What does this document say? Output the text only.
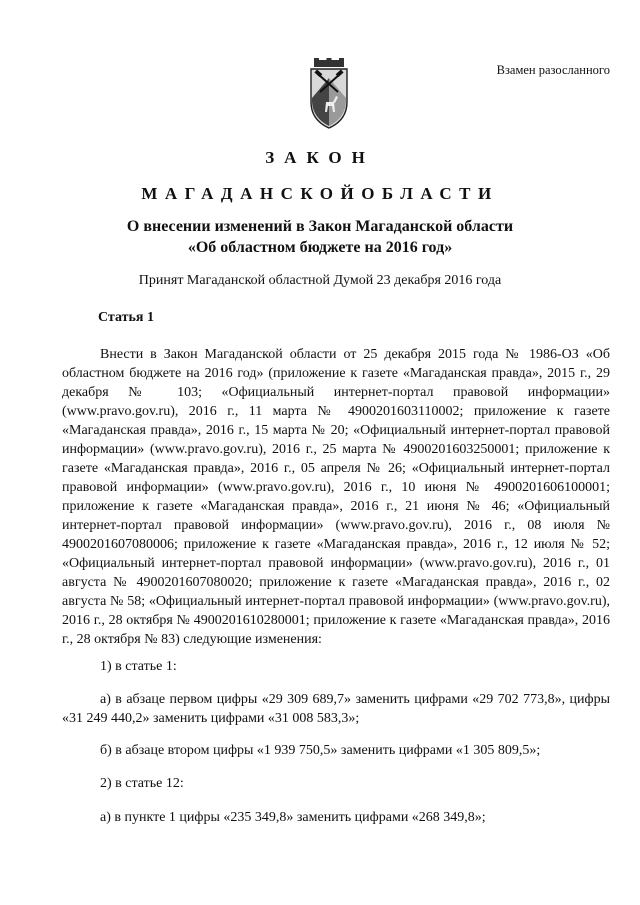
Взамен разосланного
ЗАКОН
МАГАДАНСКОЙОБЛАСТИ
О внесении изменений в Закон Магаданской области
«Об областном бюджете на 2016 год»
Принят Магаданской областной Думой 23 декабря 2016 года
Статья 1

Внести в Закон Магаданской области от 25 декабря 2015 года № 1986-ОЗ «Об областном бюджете на 2016 год» (приложение к газете «Магаданская правда», 2015 г., 29 декабря № 103; «Официальный интернет-портал правовой информации» (www.pravo.gov.ru), 2016 г., 11 марта № 4900201603110002; приложение к газете «Магаданская правда», 2016 г., 15 марта № 20; «Официальный интернет-портал правовой информации» (www.pravo.gov.ru), 2016 г., 25 марта № 4900201603250001; приложение к газете «Магаданская правда», 2016 г., 05 апреля № 26; «Официальный интернет-портал правовой информации» (www.pravo.gov.ru), 2016 г., 10 июня № 4900201606100001; приложение к газете «Магаданская правда», 2016 г., 21 июня № 46; «Официальный интернет-портал правовой информации» (www.pravo.gov.ru), 2016 г., 08 июля № 4900201607080006; приложение к газете «Магаданская правда», 2016 г., 12 июля № 52; «Официальный интернет-портал правовой информации» (www.pravo.gov.ru), 2016 г., 01 августа № 4900201607080020; приложение к газете «Магаданская правда», 2016 г., 02 августа № 58; «Официальный интернет-портал правовой информации» (www.pravo.gov.ru), 2016 г., 28 октября № 4900201610280001; приложение к газете «Магаданская правда», 2016 г., 28 октября № 83) следующие изменения:

1) в статье 1:

а) в абзаце первом цифры «29 309 689,7» заменить цифрами «29 702 773,8», цифры «31 249 440,2» заменить цифрами «31 008 583,3»;

б) в абзаце втором цифры «1 939 750,5» заменить цифрами «1 305 809,5»;

2) в статье 12:

а) в пункте 1 цифры «235 349,8» заменить цифрами «268 349,8»;
